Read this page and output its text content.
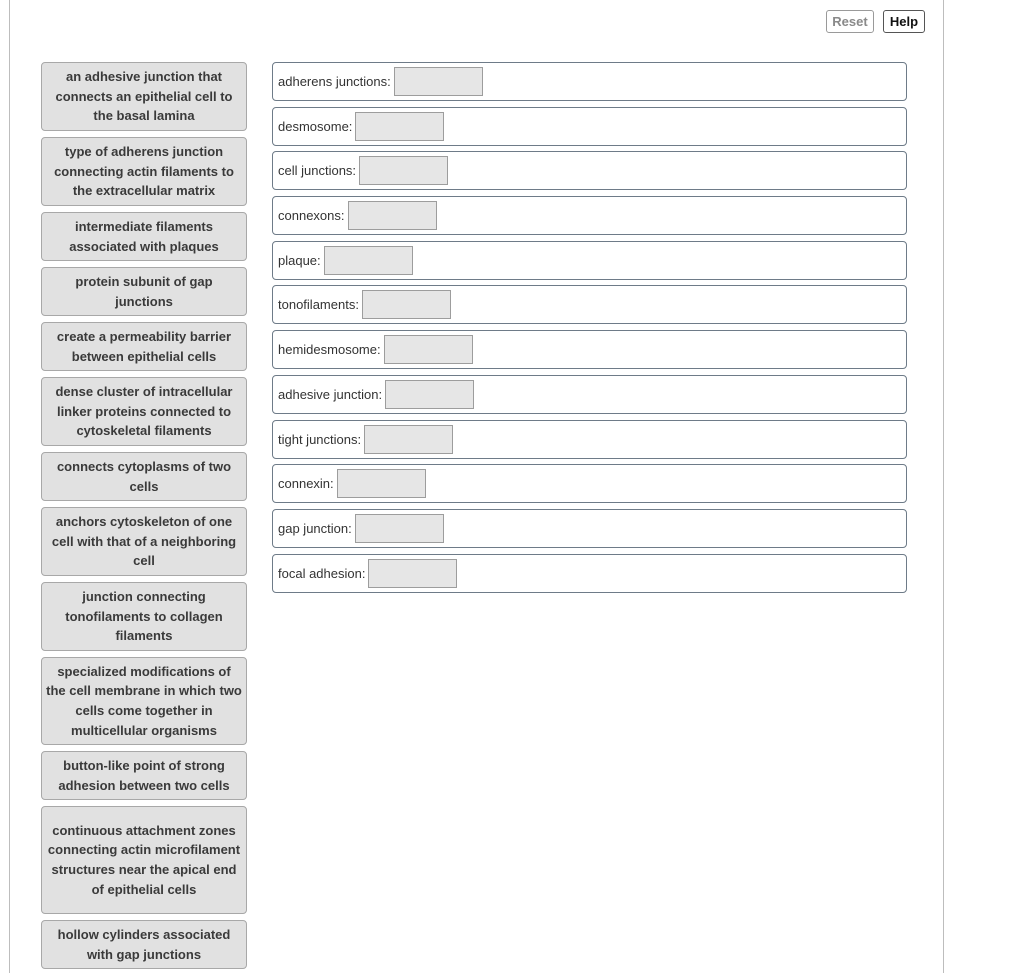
Reset	Help
an adhesive junction that connects an epithelial cell to the basal lamina
type of adherens junction connecting actin filaments to the extracellular matrix
intermediate filaments associated with plaques
protein subunit of gap junctions
create a permeability barrier between epithelial cells
dense cluster of intracellular linker proteins connected to cytoskeletal filaments
connects cytoplasms of two cells
anchors cytoskeleton of one cell with that of a neighboring cell
junction connecting tonofilaments to collagen filaments
specialized modifications of the cell membrane in which two cells come together in multicellular organisms
button-like point of strong adhesion between two cells
continuous attachment zones connecting actin microfilament structures near the apical end of epithelial cells
hollow cylinders associated with gap junctions
adherens junctions:
desmosome:
cell junctions:
connexons:
plaque:
tonofilaments:
hemidesmosome:
adhesive junction:
tight junctions:
connexin:
gap junction:
focal adhesion:
